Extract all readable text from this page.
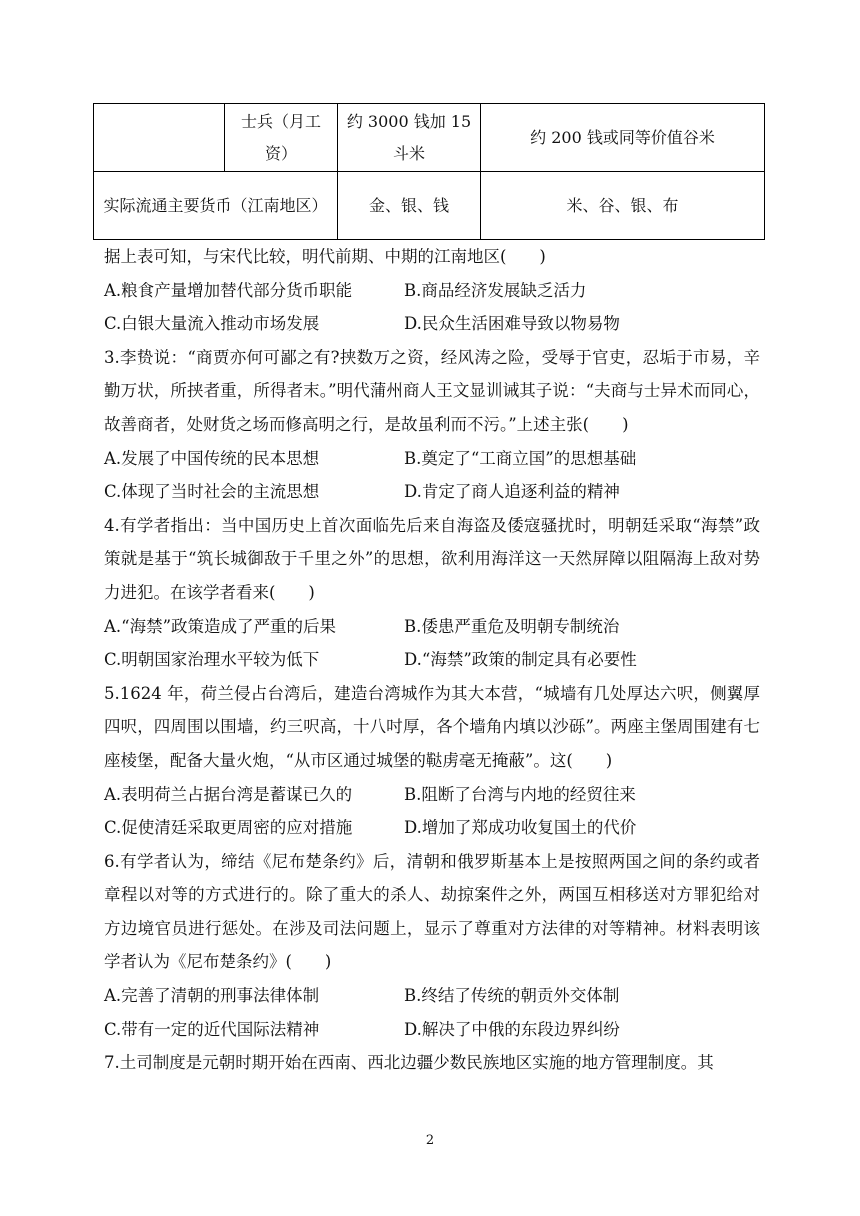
	士兵（月工资）	约 3000 钱加 15 斗米	约 200 钱或同等价值谷米
实际流通主要货币（江南地区）		金、银、钱	米、谷、银、布

据上表可知，与宋代比较，明代前期、中期的江南地区(　　)

A.粮食产量增加替代部分货币职能	B.商品经济发展缺乏活力
C.白银大量流入推动市场发展	D.民众生活困难导致以物易物

3.李贽说：“商贾亦何可鄙之有?挟数万之资，经风涛之险，受辱于官吏，忍垢于市易，辛勤万状，所挟者重，所得者末。”明代蒲州商人王文显训诫其子说：“夫商与士异术而同心，故善商者，处财货之场而修高明之行，是故虽利而不污。”上述主张(　　)

A.发展了中国传统的民本思想	B.奠定了“工商立国”的思想基础
C.体现了当时社会的主流思想	D.肯定了商人追逐利益的精神

4.有学者指出：当中国历史上首次面临先后来自海盗及倭寇骚扰时，明朝廷采取“海禁”政策就是基于“筑长城御敌于千里之外”的思想，欲利用海洋这一天然屏障以阻隔海上敌对势力进犯。在该学者看来(　　)

A.“海禁”政策造成了严重的后果	B.倭患严重危及明朝专制统治
C.明朝国家治理水平较为低下	D.“海禁”政策的制定具有必要性

5.1624 年，荷兰侵占台湾后，建造台湾城作为其大本营，“城墙有几处厚达六呎，侧翼厚四呎，四周围以围墙，约三呎高，十八吋厚，各个墙角内填以沙砾”。两座主堡周围建有七座棱堡，配备大量火炮，“从市区通过城堡的鞑虏毫无掩蔽”。这(　　)

A.表明荷兰占据台湾是蓄谋已久的	B.阻断了台湾与内地的经贸往来
C.促使清廷采取更周密的应对措施	D.增加了郑成功收复国土的代价

6.有学者认为，缔结《尼布楚条约》后，清朝和俄罗斯基本上是按照两国之间的条约或者章程以对等的方式进行的。除了重大的杀人、劫掠案件之外，两国互相移送对方罪犯给对方边境官员进行惩处。在涉及司法问题上，显示了尊重对方法律的对等精神。材料表明该学者认为《尼布楚条约》(　　)

A.完善了清朝的刑事法律体制	B.终结了传统的朝贡外交体制
C.带有一定的近代国际法精神	D.解决了中俄的东段边界纠纷

7.土司制度是元朝时期开始在西南、西北边疆少数民族地区实施的地方管理制度。其

2
